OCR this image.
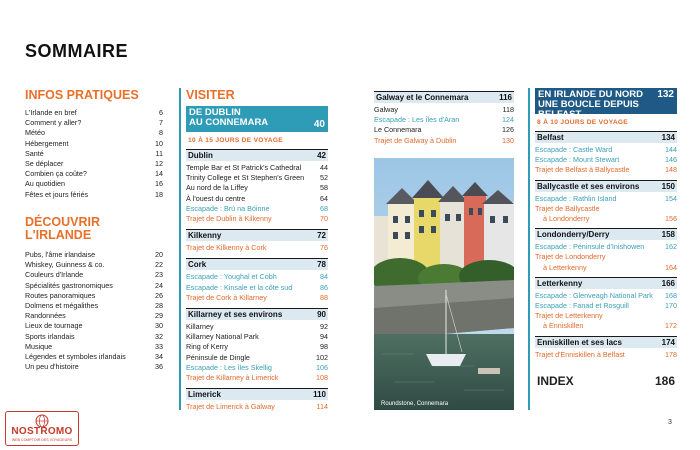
SOMMAIRE
INFOS PRATIQUES
L'Irlande en bref	6
Comment y aller?	7
Météo	8
Hébergement	10
Santé	11
Se déplacer	12
Combien ça coûte?	14
Au quotidien	16
Fêtes et jours fériés	18
DÉCOUVRIR
L'IRLANDE
Pubs, l'âme irlandaise	20
Whiskey, Guinness & co.	22
Couleurs d'Irlande	23
Spécialités gastronomiques	24
Routes panoramiques	26
Dolmens et mégalithes	28
Randonnées	29
Lieux de tournage	30
Sports irlandais	32
Musique	33
Légendes et symboles irlandais	34
Un peu d'histoire	36
VISITER
DE DUBLIN
AU CONNEMARA	40
10 À 15 JOURS DE VOYAGE
Dublin	42
Temple Bar et St Patrick's Cathedral	44
Trinity College et St Stephen's Green 52
Au nord de la Liffey	58
À l'ouest du centre	64
Escapade : Brú na Bóinne	68
Trajet de Dublin à Kilkenny	70
Kilkenny	72
Trajet de Kilkenny à Cork	76
Cork	78
Escapade : Youghal et Cobh	84
Escapade : Kinsale et la côte sud	86
Trajet de Cork à Killarney	88
Killarney et ses environs	90
Killarney	92
Killarney National Park	94
Ring of Kerry	98
Péninsule de Dingle	102
Escapade : Les îles Skellig	106
Trajet de Killarney à Limerick	108
Limerick	110
Trajet de Limerick à Galway	114
Galway et le Connemara	116
Galway	118
Escapade : Les îles d'Aran	124
Le Connemara	126
Trajet de Galway à Dublin	130
Roundstone, Connemara
EN IRLANDE DU NORD
UNE BOUCLE DEPUIS BELFAST
132
8 À 10 JOURS DE VOYAGE
Belfast	134
Escapade : Castle Ward	144
Escapade : Mount Stewart	146
Trajet de Belfast à Ballycastle	148
Ballycastle et ses environs	150
Escapade : Rathlin Island	154
Trajet de Ballycastle
à Londonderry	156
Londonderry/Derry	158
Escapade : Péninsule d'Inishowen	162
Trajet de Londonderry
à Letterkenny	164
Letterkenny	166
Escapade : Glenveagh National Park 168
Escapade : Fanad et Rosguill	170
Trajet de Letterkenny
à Enniskillen	172
Enniskillen et ses lacs	174
Trajet d'Enniskillen à Belfast	178
INDEX	186
3
NOSTROMO
WEB COMPTOIR DES VOYAGEURS
